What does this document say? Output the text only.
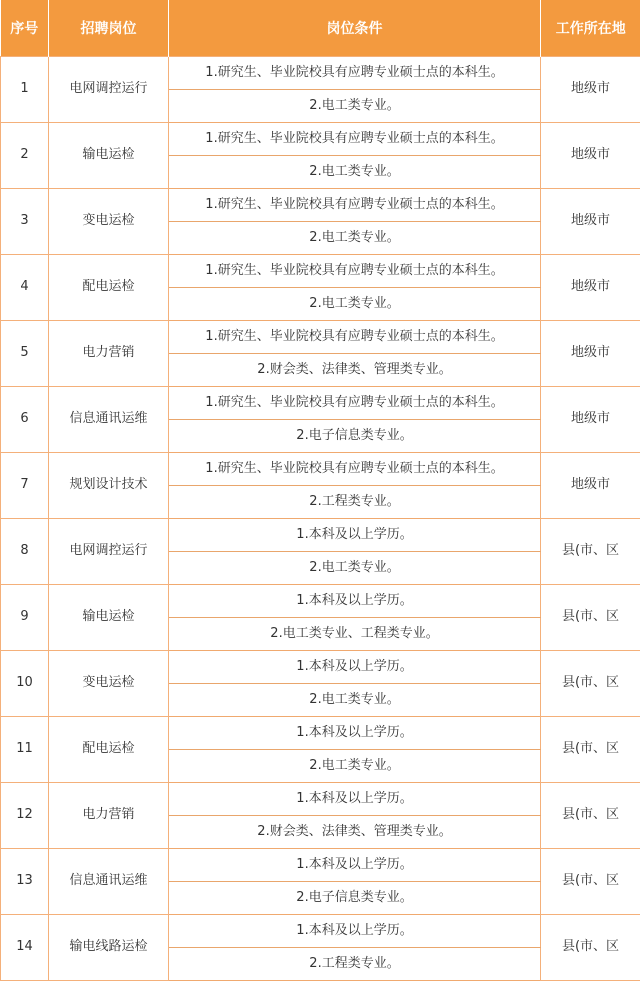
序号	招聘岗位	岗位条件	工作所在地
1	电网调控运行	1.研究生、毕业院校具有应聘专业硕士点的本科生。	地级市
		2.电工类专业。	
2	输电运检	1.研究生、毕业院校具有应聘专业硕士点的本科生。	地级市
		2.电工类专业。	
3	变电运检	1.研究生、毕业院校具有应聘专业硕士点的本科生。	地级市
		2.电工类专业。	
4	配电运检	1.研究生、毕业院校具有应聘专业硕士点的本科生。	地级市
		2.电工类专业。	
5	电力营销	1.研究生、毕业院校具有应聘专业硕士点的本科生。	地级市
		2.财会类、法律类、管理类专业。	
6	信息通讯运维	1.研究生、毕业院校具有应聘专业硕士点的本科生。	地级市
		2.电子信息类专业。	
7	规划设计技术	1.研究生、毕业院校具有应聘专业硕士点的本科生。	地级市
		2.工程类专业。	
8	电网调控运行	1.本科及以上学历。	县(市、区
		2.电工类专业。	
9	输电运检	1.本科及以上学历。	县(市、区
		2.电工类专业、工程类专业。	
10	变电运检	1.本科及以上学历。	县(市、区
		2.电工类专业。	
11	配电运检	1.本科及以上学历。	县(市、区
		2.电工类专业。	
12	电力营销	1.本科及以上学历。	县(市、区
		2.财会类、法律类、管理类专业。	
13	信息通讯运维	1.本科及以上学历。	县(市、区
		2.电子信息类专业。	
14	输电线路运检	1.本科及以上学历。	县(市、区
		2.工程类专业。	
